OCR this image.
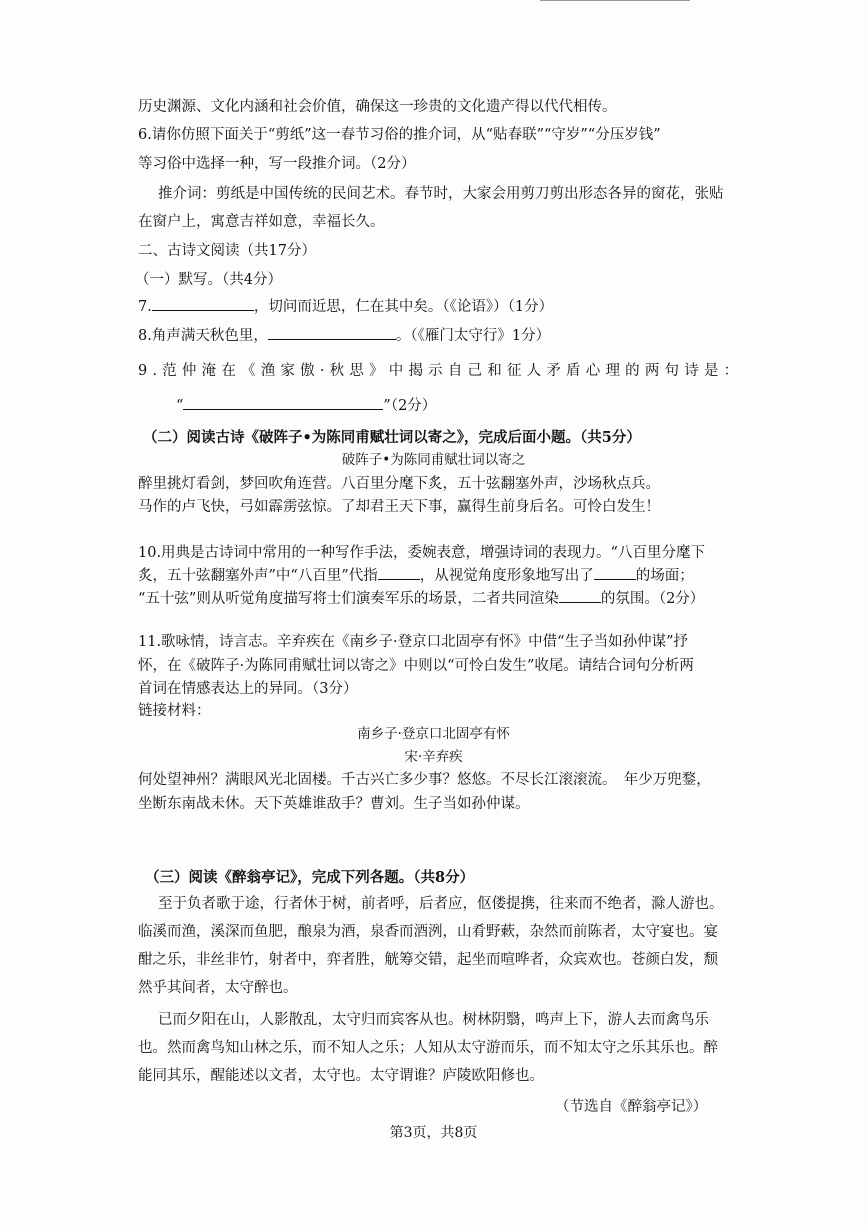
历史渊源、文化内涵和社会价值，确保这一珍贵的文化遗产得以代代相传。
6.请你仿照下面关于“剪纸”这一春节习俗的推介词，从“贴春联”“守岁”“分压岁钱”
等习俗中选择一种，写一段推介词。（2分）
推介词：剪纸是中国传统的民间艺术。春节时，大家会用剪刀剪出形态各异的窗花，张贴
在窗户上，寓意吉祥如意，幸福长久。
二、古诗文阅读（共17分）
（一）默写。（共4分）
7.	，切问而近思，仁在其中矣。（《论语》）（1分）
8.角声满天秋色里，	。（《雁门太守行》1分）
9.范仲淹在《渔家傲·秋思》中揭示自己和征人矛盾心理的两句诗是：
“	”（2分）
（二）阅读古诗《破阵子•为陈同甫赋壮词以寄之》，完成后面小题。（共5分）
破阵子•为陈同甫赋壮词以寄之
醉里挑灯看剑，梦回吹角连营。八百里分麾下炙，五十弦翻塞外声，沙场秋点兵。
马作的卢飞快，弓如霹雳弦惊。了却君王天下事，赢得生前身后名。可怜白发生！
10.用典是古诗词中常用的一种写作手法，委婉表意，增强诗词的表现力。“八百里分麾下
炙，五十弦翻塞外声”中“八百里”代指	，从视觉角度形象地写出了	的场面；
“五十弦”则从听觉角度描写将士们演奏军乐的场景，二者共同渲染	的氛围。（2分）
11.歌咏情，诗言志。辛弃疾在《南乡子·登京口北固亭有怀》中借“生子当如孙仲谋”抒
怀，在《破阵子·为陈同甫赋壮词以寄之》中则以“可怜白发生”收尾。请结合词句分析两
首词在情感表达上的异同。（3分）
链接材料：
南乡子·登京口北固亭有怀
宋·辛弃疾
何处望神州？满眼风光北固楼。千古兴亡多少事？悠悠。不尽长江滚滚流。　年少万兜鍪，
坐断东南战未休。天下英雄谁敌手？曹刘。生子当如孙仲谋。
（三）阅读《醉翁亭记》，完成下列各题。（共8分）
至于负者歌于途，行者休于树，前者呼，后者应，伛偻提携，往来而不绝者，滁人游也。
临溪而渔，溪深而鱼肥，酿泉为酒，泉香而酒洌，山肴野蔌，杂然而前陈者，太守宴也。宴
酣之乐，非丝非竹，射者中，弈者胜，觥筹交错，起坐而喧哗者，众宾欢也。苍颜白发，颓
然乎其间者，太守醉也。
已而夕阳在山，人影散乱，太守归而宾客从也。树林阴翳，鸣声上下，游人去而禽鸟乐
也。然而禽鸟知山林之乐，而不知人之乐；人知从太守游而乐，而不知太守之乐其乐也。醉
能同其乐，醒能述以文者，太守也。太守谓谁？庐陵欧阳修也。
（节选自《醉翁亭记》）
第3页，共8页
